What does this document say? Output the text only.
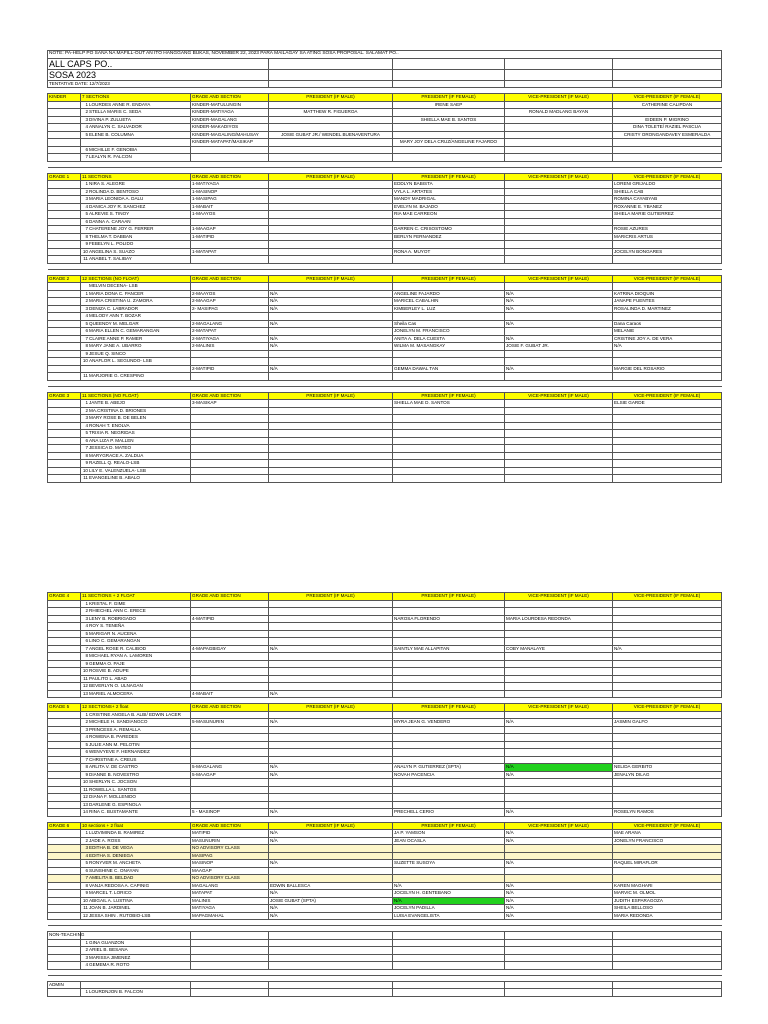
NOTE: PA-HELP PO SANA NA MAFILL-OUT AN ITO HANGGANG BUKAS, NOVEMBER 22, 2023 PARA MAILAGAY SA ATING SOSA PROPOSAL. SALAMAT PO..						
ALL CAPS PO..						
SOSA 2023						
TENTATIVE DATE: 12/7/2023						

KINDER	7 SECTIONS	GRADE AND SECTION	PRESIDENT (IF MALE)	PRESIDENT (IF FEMALE)	VICE-PRESIDENT (IF MALE)	VICE-PRESIDENT (IF FEMALE)
	1LOURDES ANNE R. ENDAYA	KINDER-MATULUNGIN		IRENE SAEP		CATHERINE CALIPDAN
	2STELLA MARIS C. SEDA	KINDER-MATIYAGA	MATTHEW R. FIGUEROA		RONALD MADLANG BAYAN	
	3DIVINA P. ZULUETA	KINDER-MAGALANG		SHIELLA MAE B. SANTOS		EIDEEN P. MIGRINO
	4ANNALYN C. SALVADOR	KINDER-MAKADIYOS				DINA TOLETE/ RAZIEL PASCUA
	5ELENE B. COLUMNA	KINDER-MAGALING/MAHUSAY	JOSIE GUBAT JR./ WENDEL BUENAVENTURA			CRISTY ORONGANDAVEY ESMERALDA
		KINDER-MATAPAT/MASIKAP		MARY JOY DELA CRUZ/ANGELINE FAJARDO		
	6MICHILLE F. GENOBIA					
	7LEALYN R. FALCON					

GRADE 1	11 SECTIONS	GRADE AND SECTION	PRESIDENT (IF MALE)	PRESIDENT (IF FEMALE)	VICE-PRESIDENT (IF MALE)	VICE-PRESIDENT (IF FEMALE)
	1NIRA S. ALEGRE	1-MATIYAGA		EDDLYN BABISTA		LORENI GRIJALDO
	2ROLINDA D. BENTOSO	1-MASINOP		VYLA L. ARTATES		SHIELLA CAB
	3MARIA LEONIDA A. DALU	1-MASIPAG		MANDY MADRIGAL		ROMINA CAYABYAB
	4DANICA JOY R. SANCHEZ	1-MABAIT		EVELYN M. BAJADO		ROXANNE E. YBANEZ
	5ALREVIE S. TINOY	1-MAAYOS		RIA MAE CARREON		SHIELA MARIE GUTIERREZ
	6DANNA A. CARAAN					
	7CHATERENE JOY G. FERRER	1-MAAGAP		DARREN C. CRISOSTOMO		ROSIE AZURES
	8THELMA T. DABBAN	1-MATIPID		BERLYN FERNANDEZ		MARICRIS ARTUS
	9FEBELYN L. POLIDO					
	10ANGELINA S. SUAZO	1-MATAPAT		RONA A. MUYOT		JOCELYN BONGARES
	11ANABEL T. SALIBAY					

GRADE 2	12 SECTIONS (NO FLOAT)	GRADE AND SECTION	PRESIDENT (IF MALE)	PRESIDENT (IF FEMALE)	VICE-PRESIDENT (IF MALE)	VICE-PRESIDENT (IF FEMALE)
	MELVIN DECENA- LSB					
	1MARIA DONA C. PANCER	2-MAAYOS	N/A	ANGELINE FAJARDO	N/A	KATRINA DIOQUIN
	2MARIA CRISTINA U. ZAMORA	2-MAAGAP	N/A	MARICEL CABALHIN	N/A	JANAPE FUENTES
	3DENIZA C. LABRADOR	2- MASIPAG	N/A	KIMBERLEY L. LUZ	N/A	ROSALINDA D. MARTINEZ
	4MELODY ANN T. BOZAR					
	5QUEENDY M. MELGAR	2-MAGALANG	N/A	Sheila Cas	N/A	Dana Caraos
	6MARIA ELLEN C. GEMARANGAN	2-MATAPAT		JONELYN M. FRANCISCO		MELANIE
	7CLAIRE ANNE P. RAMER	2-MATIYAGA	N/A	ANITA A. DELA CUESTA	N/A	CRISTINE JOY A. DE VERA
	8MARY JANE A. UBARRO	2-MALINIS	N/A	WILMA M. MASANGKAY	JOSIE F. GUBAT JR.	N/A
	9JESUE Q. SINCO					
	10ANAFLOR L. SEGUNDO- LSB					
		2-MATIPID	N/A	GEMMA DAWAL TAN	N/A	MARGIE DEL ROSARIO
	11MARJORIE G. CRESPINO					

GRADE 3	11 SECTIONS (NO FLOAT)	GRADE AND SECTION	PRESIDENT (IF MALE)	PRESIDENT (IF FEMALE)	VICE-PRESIDENT (IF MALE)	VICE-PRESIDENT (IF FEMALE)
	1JANTE B. ABEJO	3-MASIKAP		SHIELLA MAE D. SANTOS		ELSIE GARDE
	2MA.CRISTINA D. BRIONES					
	3MARY ROSE B. DE BELEN					
	4RONAH T. ENOLVA					
	5TRIXIA R. NEGRIDAS					
	6ANA LIZA P. MALLEN					
	7JESSICA D. MATEO					
	8MARYGRACE A. ZALDUA					
	9RAZELL Q. REALO-LSB					
	10LILY E. VALENZUELA- LSB					
	11EVANGELINE B. ABALO					
GRADE 4	11 SECTIONS + 2 FLOAT	GRADE AND SECTION	PRESIDENT (IF MALE)	PRESIDENT (IF FEMALE)	VICE-PRESIDENT (IF MALE)	VICE-PRESIDENT (IF FEMALE)
	1KRISTAL F. GIME					
	2RHIECHEL ANN C. ERECE					
	3LENY B. ROBRIGADO	4-MATIPID		NAROSA FLORENDO	MARIA LOURDESA REDONDA	
	4ROY S. TENEÑA					
	5MARIGAR N. AUCENA					
	6LINO C. GEMARANGAN					
	7ANGEL ROSE R. CALIBOD	4-MAPAGBIGAY	N/A	SAINTLY MAE ALLAPITAN	COBY MANALAYE	N/A
	8MICHAEL RYAN A. LAMOREN					
	9GEMMA O. PAJE					
	10ROSVIE B. ADUPE					
	11PAULITO L. ABAD					
	12BEVERLYN O. ULNAGAN					
	13MARIEL ALMOCERA	4-MABAIT	N/A			

GRADE 5	12 SECTIONS+ 2 float	GRADE AND SECTION	PRESIDENT (IF MALE)	PRESIDENT (IF FEMALE)	VICE-PRESIDENT (IF MALE)	VICE-PRESIDENT (IF FEMALE)
	1CRISTINE ANGELA B. ALBI/ EDWIN LACER					
	2MICHELE H. SANDIANGCO	5-MASUNURIN	N/A	MYRA JEAN G. VENDERO	N/A	JASMIN GALFO
	3PRINCESS A. REMALLA					
	4ROWENA B. PAREDES					
	5JULIE ANN M. PELOTIN					
	6WENVYEVE F. HERNANDEZ					
	7CHRISTINE A. CREUS					
	8ARLITA V. DE CASTRO	5-MAGALANG	N/A	ANALYN P. GUTIERREZ (SPTA)	N/A	NELIDA GERBITO
	9DIANNE B. NOVESTRO	5-MAAGAP	N/A	NOVAH PACENCIA	N/A	JENALYN DILAG
	10SHERLYN C. JOCSON					
	11ROWELLA L. SANTOS					
	12DIANA F. MOLLENIDO					
	13DARLENE G. ESPINOLA					
	14RINA C. BUSTAMANTE	5 - MASINOP	N/A	PRECHELL CERIO	N/A	ROSELYN RAMOS

GRADE 6	10 sections + 2 float	GRADE AND SECTION	PRESIDENT (IF MALE)	PRESIDENT (IF FEMALE)	VICE-PRESIDENT (IF MALE)	VICE-PRESIDENT (IF FEMALE)
	1LUZVIMINDA B. RAMIREZ	MATIPID	N/A	JA P. YAMSON	N/A	MAE ARANA
	2JADE A. ROSS	MASUNURIN	N/A	JEAN OCASLA	N/A	JONELYN FRANCISCO
	3EDITHA B. DE VEGA	NO ADVISORY CLASS				
	4EDITHA S. DENIEGA	MASIPAG				
	5RONYVER M. ANCHETA	MASINOP	N/A	SUZETTE SUSOYA	N/A	RAQUEL MIRAFLOR
	6SUNSHINE C. ONAYAN	MAAGAP				
	7AMELITA B. BELDAD	NO ADVISORY CLASS				
	8VANJA REDOSA A. CAPINIG	MAGALANG	EDWIN BALLESCA	N/A	N/A	KAREN MAGHARI
	9MARCEL T. LORICO	MATAPAT	N/A	JOCELYN H. GENTEBANO	N/A	MARVIC M. OLMOL
	10ABIGAIL A. LUSTINA	MALINIS	JOSIE GUBAT (SPTA)	N/A	N/A	JUDITH ESPARAGOZA
	11JOAN B. JARDINEL	MATIYAGA	N/A	JOCELYN PADILLA	N/A	SHEILA BELLOSO
	12JESSA SHIN . RUTOBIO-LSB	MAPAGMAHAL	N/A	LUISA EVANGELISTA	N/A	MARIA REDONDA

NON-TEACHING						
	1GINA GUANZON					
	2ARIEL B. BESANA					
	3MARISSA JIMENEZ					
	4GEMEMA R. ROTO					

ADMIN						
	1LOURDNJON B. FALCON					
